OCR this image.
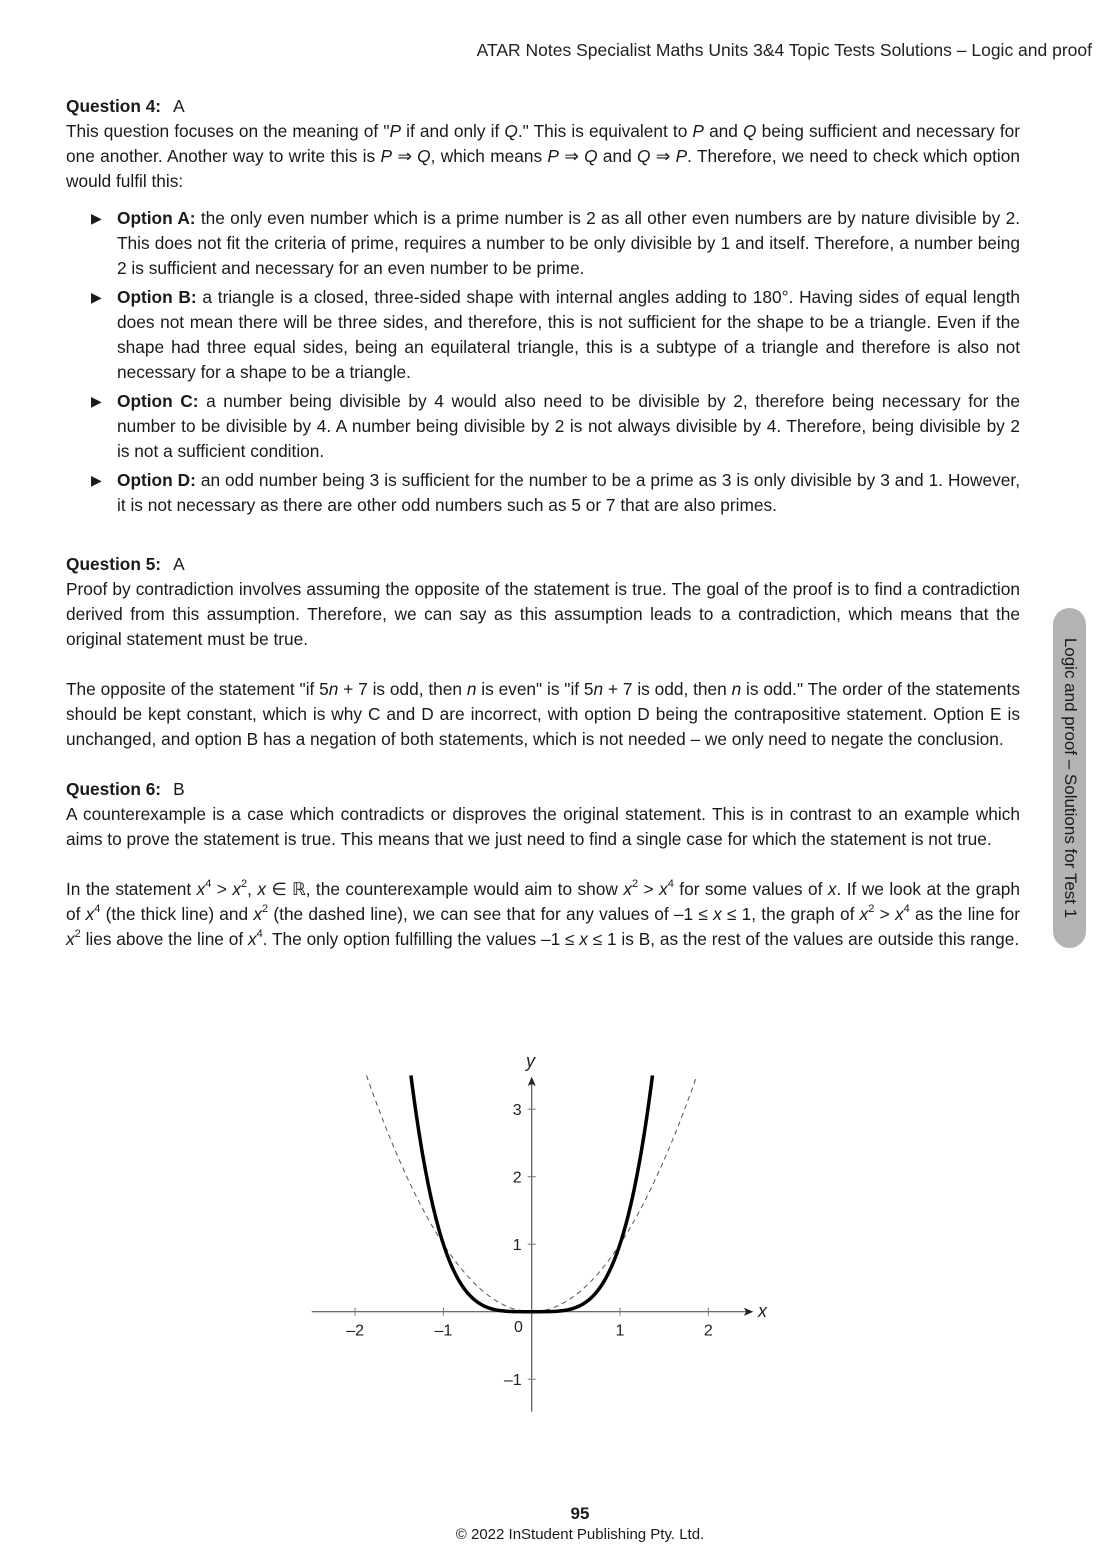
ATAR Notes Specialist Maths Units 3&4 Topic Tests Solutions – Logic and proof
Logic and proof – Solutions for Test 1
Question 4: A

This question focuses on the meaning of "P if and only if Q." This is equivalent to P and Q being sufficient and necessary for one another. Another way to write this is P ⇒ Q, which means P ⇒ Q and Q ⇒ P. Therefore, we need to check which option would fulfil this:

▶ Option A: the only even number which is a prime number is 2 as all other even numbers are by nature divisible by 2. This does not fit the criteria of prime, requires a number to be only divisible by 1 and itself. Therefore, a number being 2 is sufficient and necessary for an even number to be prime.
▶ Option B: a triangle is a closed, three-sided shape with internal angles adding to 180°. Having sides of equal length does not mean there will be three sides, and therefore, this is not sufficient for the shape to be a triangle. Even if the shape had three equal sides, being an equilateral triangle, this is a subtype of a triangle and therefore is also not necessary for a shape to be a triangle.
▶ Option C: a number being divisible by 4 would also need to be divisible by 2, therefore being necessary for the number to be divisible by 4. A number being divisible by 2 is not always divisible by 4. Therefore, being divisible by 2 is not a sufficient condition.
▶ Option D: an odd number being 3 is sufficient for the number to be a prime as 3 is only divisible by 3 and 1. However, it is not necessary as there are other odd numbers such as 5 or 7 that are also primes.
Question 5: A

Proof by contradiction involves assuming the opposite of the statement is true. The goal of the proof is to find a contradiction derived from this assumption. Therefore, we can say as this assumption leads to a contradiction, which means that the original statement must be true.

The opposite of the statement "if 5n + 7 is odd, then n is even" is "if 5n + 7 is odd, then n is odd." The order of the statements should be kept constant, which is why C and D are incorrect, with option D being the contrapositive statement. Option E is unchanged, and option B has a negation of both statements, which is not needed – we only need to negate the conclusion.

Question 6: B

A counterexample is a case which contradicts or disproves the original statement. This is in contrast to an example which aims to prove the statement is true. This means that we just need to find a single case for which the statement is not true.

In the statement $x^4 > x^2$, x ∈ ℝ, the counterexample would aim to show $x^2 > x^4$ for some values of x. If we look at the graph of $x^4$ (the thick line) and $x^2$ (the dashed line), we can see that for any values of –1 ≤ x ≤ 1, the graph of $x^2 > x^4$ as the line for $x^2$ lies above the line of $x^4$. The only option fulfilling the values –1 ≤ x ≤ 1 is B, as the rest of the values are outside this range.

x
y
–2	–1	1	2
3
2
1
–1
0
95
© 2022 InStudent Publishing Pty. Ltd.
